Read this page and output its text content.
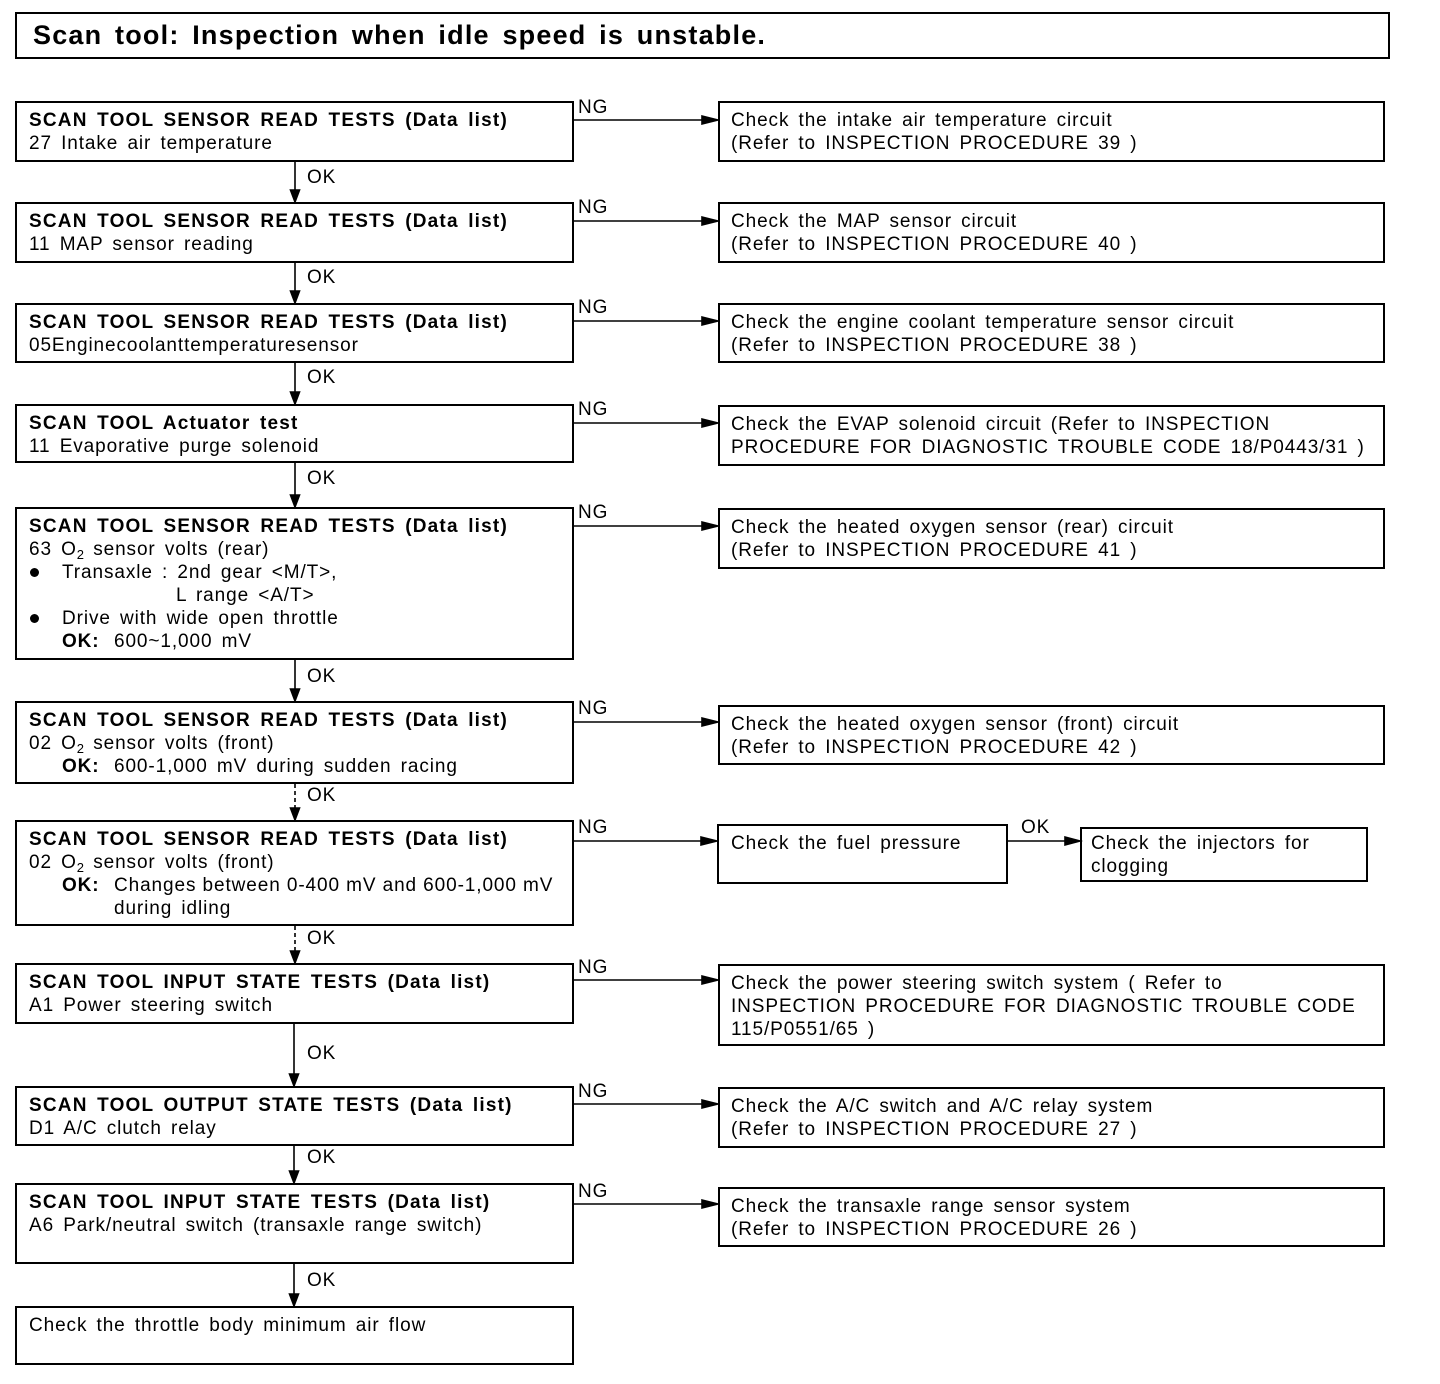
Scan tool: Inspection when idle speed is unstable.
SCAN TOOL SENSOR READ TESTS (Data list)
27 Intake air temperature
NG
Check the intake air temperature circuit
(Refer to INSPECTION PROCEDURE 39 )
OK
SCAN TOOL SENSOR READ TESTS (Data list)
11 MAP sensor reading
NG
Check the MAP sensor circuit
(Refer to INSPECTION PROCEDURE 40 )
OK
SCAN TOOL SENSOR READ TESTS (Data list)
05Enginecoolanttemperaturesensor
NG
Check the engine coolant temperature sensor circuit
(Refer to INSPECTION PROCEDURE 38 )
OK
SCAN TOOL Actuator test
11 Evaporative purge solenoid
NG
Check the EVAP solenoid circuit (Refer to INSPECTION
PROCEDURE FOR DIAGNOSTIC TROUBLE CODE 18/P0443/31 )
OK
SCAN TOOL SENSOR READ TESTS (Data list)
63 $O_2$ sensor volts (rear)
Transaxle : 2nd gear <M/T>,
L range <A/T>
Drive with wide open throttle
OK: 600~1,000 mV
NG
Check the heated oxygen sensor (rear) circuit
(Refer to INSPECTION PROCEDURE 41 )
OK
SCAN TOOL SENSOR READ TESTS (Data list)
02 $O_2$ sensor volts (front)
OK: 600-1,000 mV during sudden racing
NG
Check the heated oxygen sensor (front) circuit
(Refer to INSPECTION PROCEDURE 42 )
OK
SCAN TOOL SENSOR READ TESTS (Data list)
02 $O_2$ sensor volts (front)
OK: Changes between 0-400 mV and 600-1,000 mV
during idling
NG
Check the fuel pressure
OK
Check the injectors for
clogging
OK
SCAN TOOL INPUT STATE TESTS (Data list)
A1 Power steering switch
NG
Check the power steering switch system ( Refer to
INSPECTION PROCEDURE FOR DIAGNOSTIC TROUBLE CODE
115/P0551/65 )
OK
SCAN TOOL OUTPUT STATE TESTS (Data list)
D1 A/C clutch relay
NG
Check the A/C switch and A/C relay system
(Refer to INSPECTION PROCEDURE 27 )
OK
SCAN TOOL INPUT STATE TESTS (Data list)
A6 Park/neutral switch (transaxle range switch)
NG
Check the transaxle range sensor system
(Refer to INSPECTION PROCEDURE 26 )
OK
Check the throttle body minimum air flow
